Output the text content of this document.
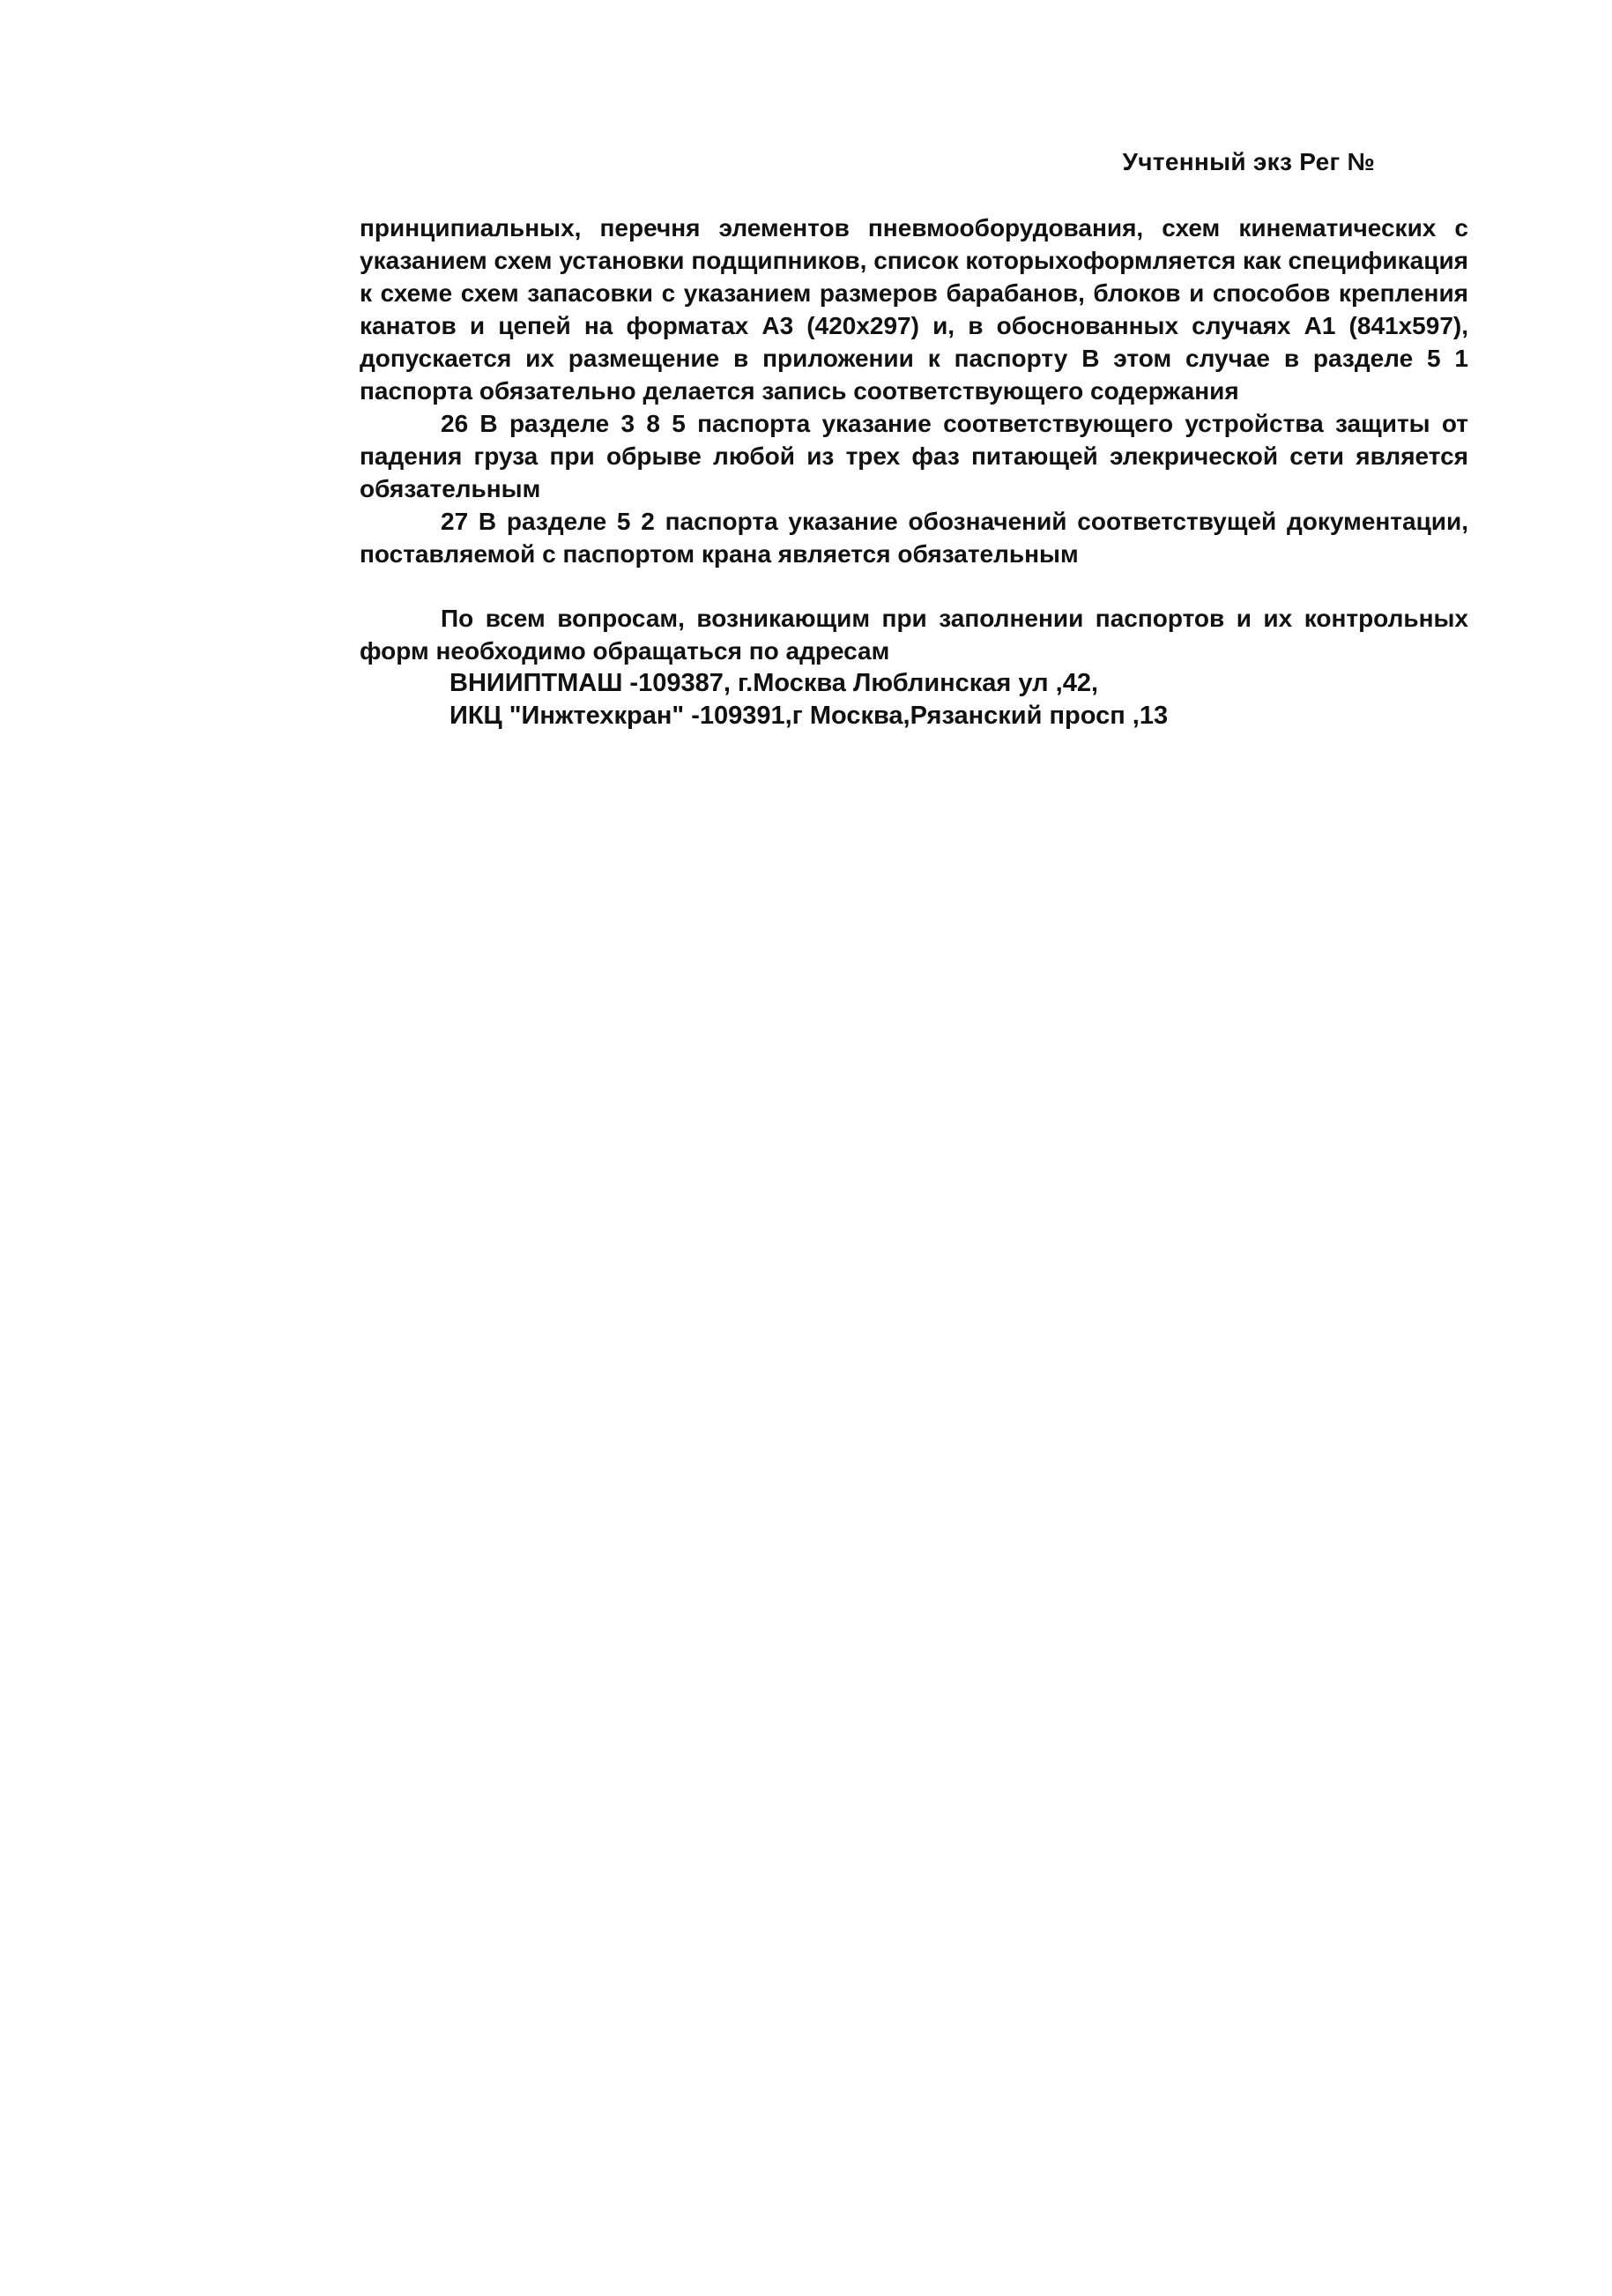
Учтенный экз Рег №

принципиальных, перечня элементов пневмооборудования, схем кинематических с указанием схем установки подщипников, список которыхоформляется как спецификация к схеме схем запасовки с указанием размеров барабанов, блоков и способов крепления канатов и цепей на форматах А3 (420х297) и, в обоснованных случаях А1 (841х597), допускается их размещение в приложении к паспорту В этом случае в разделе 5 1 паспорта обязательно делается запись соответствующего содержания

26 В разделе 3 8 5 паспорта указание соответствующего устройства защиты от падения груза при обрыве любой из трех фаз питающей элекрической сети является обязательным

27 В разделе 5 2 паспорта указание обозначений соответствущей документации, поставляемой с паспортом крана является обязательным

По всем вопросам, возникающим при заполнении паспортов и их контрольных форм необходимо обращаться по адресам

ВНИИПТМАШ -109387, г.Москва Люблинская ул ,42,

ИКЦ "Инжтехкран" -109391,г Москва,Рязанский просп ,13
